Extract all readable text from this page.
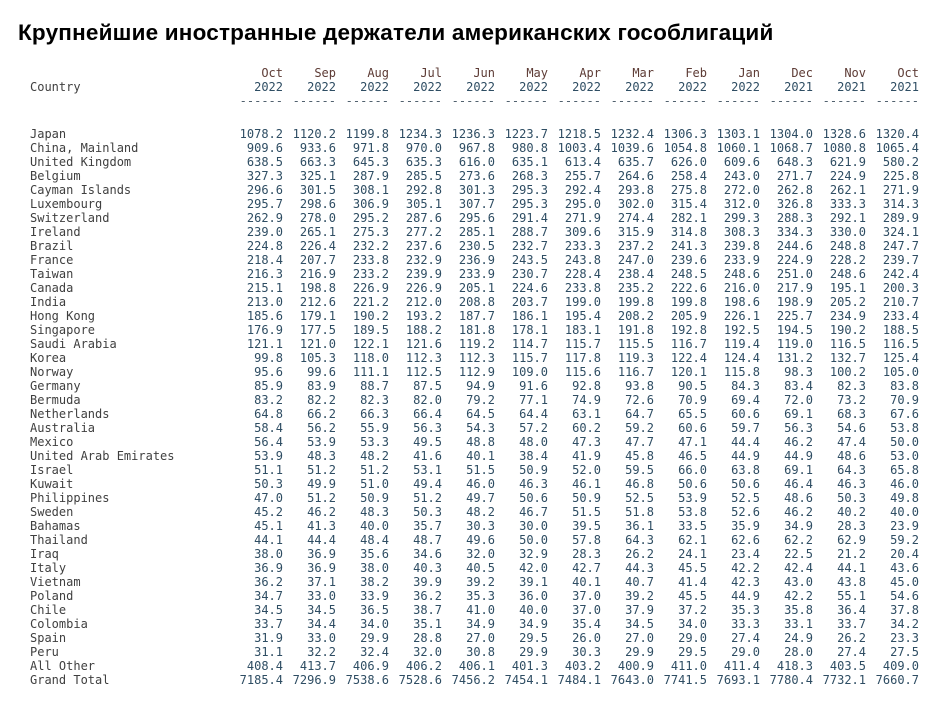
Крупнейшие иностранные держатели американских гособлигаций
	Oct	Sep	Aug	Jul	Jun	May	Apr	Mar	Feb	Jan	Dec	Nov	Oct
Country	2022	2022	2022	2022	2022	2022	2022	2022	2022	2022	2021	2021	2021
	------	------	------	------	------	------	------	------	------	------	------	------	------

Japan	1078.2	1120.2	1199.8	1234.3	1236.3	1223.7	1218.5	1232.4	1306.3	1303.1	1304.0	1328.6	1320.4
China, Mainland	909.6	933.6	971.8	970.0	967.8	980.8	1003.4	1039.6	1054.8	1060.1	1068.7	1080.8	1065.4
United Kingdom	638.5	663.3	645.3	635.3	616.0	635.1	613.4	635.7	626.0	609.6	648.3	621.9	580.2
Belgium	327.3	325.1	287.9	285.5	273.6	268.3	255.7	264.6	258.4	243.0	271.7	224.9	225.8
Cayman Islands	296.6	301.5	308.1	292.8	301.3	295.3	292.4	293.8	275.8	272.0	262.8	262.1	271.9
Luxembourg	295.7	298.6	306.9	305.1	307.7	295.3	295.0	302.0	315.4	312.0	326.8	333.3	314.3
Switzerland	262.9	278.0	295.2	287.6	295.6	291.4	271.9	274.4	282.1	299.3	288.3	292.1	289.9
Ireland	239.0	265.1	275.3	277.2	285.1	288.7	309.6	315.9	314.8	308.3	334.3	330.0	324.1
Brazil	224.8	226.4	232.2	237.6	230.5	232.7	233.3	237.2	241.3	239.8	244.6	248.8	247.7
France	218.4	207.7	233.8	232.9	236.9	243.5	243.8	247.0	239.6	233.9	224.9	228.2	239.7
Taiwan	216.3	216.9	233.2	239.9	233.9	230.7	228.4	238.4	248.5	248.6	251.0	248.6	242.4
Canada	215.1	198.8	226.9	226.9	205.1	224.6	233.8	235.2	222.6	216.0	217.9	195.1	200.3
India	213.0	212.6	221.2	212.0	208.8	203.7	199.0	199.8	199.8	198.6	198.9	205.2	210.7
Hong Kong	185.6	179.1	190.2	193.2	187.7	186.1	195.4	208.2	205.9	226.1	225.7	234.9	233.4
Singapore	176.9	177.5	189.5	188.2	181.8	178.1	183.1	191.8	192.8	192.5	194.5	190.2	188.5
Saudi Arabia	121.1	121.0	122.1	121.6	119.2	114.7	115.7	115.5	116.7	119.4	119.0	116.5	116.5
Korea	99.8	105.3	118.0	112.3	112.3	115.7	117.8	119.3	122.4	124.4	131.2	132.7	125.4
Norway	95.6	99.6	111.1	112.5	112.9	109.0	115.6	116.7	120.1	115.8	98.3	100.2	105.0
Germany	85.9	83.9	88.7	87.5	94.9	91.6	92.8	93.8	90.5	84.3	83.4	82.3	83.8
Bermuda	83.2	82.2	82.3	82.0	79.2	77.1	74.9	72.6	70.9	69.4	72.0	73.2	70.9
Netherlands	64.8	66.2	66.3	66.4	64.5	64.4	63.1	64.7	65.5	60.6	69.1	68.3	67.6
Australia	58.4	56.2	55.9	56.3	54.3	57.2	60.2	59.2	60.6	59.7	56.3	54.6	53.8
Mexico	56.4	53.9	53.3	49.5	48.8	48.0	47.3	47.7	47.1	44.4	46.2	47.4	50.0
United Arab Emirates	53.9	48.3	48.2	41.6	40.1	38.4	41.9	45.8	46.5	44.9	44.9	48.6	53.0
Israel	51.1	51.2	51.2	53.1	51.5	50.9	52.0	59.5	66.0	63.8	69.1	64.3	65.8
Kuwait	50.3	49.9	51.0	49.4	46.0	46.3	46.1	46.8	50.6	50.6	46.4	46.3	46.0
Philippines	47.0	51.2	50.9	51.2	49.7	50.6	50.9	52.5	53.9	52.5	48.6	50.3	49.8
Sweden	45.2	46.2	48.3	50.3	48.2	46.7	51.5	51.8	53.8	52.6	46.2	40.2	40.0
Bahamas	45.1	41.3	40.0	35.7	30.3	30.0	39.5	36.1	33.5	35.9	34.9	28.3	23.9
Thailand	44.1	44.4	48.4	48.7	49.6	50.0	57.8	64.3	62.1	62.6	62.2	62.9	59.2
Iraq	38.0	36.9	35.6	34.6	32.0	32.9	28.3	26.2	24.1	23.4	22.5	21.2	20.4
Italy	36.9	36.9	38.0	40.3	40.5	42.0	42.7	44.3	45.5	42.2	42.4	44.1	43.6
Vietnam	36.2	37.1	38.2	39.9	39.2	39.1	40.1	40.7	41.4	42.3	43.0	43.8	45.0
Poland	34.7	33.0	33.9	36.2	35.3	36.0	37.0	39.2	45.5	44.9	42.2	55.1	54.6
Chile	34.5	34.5	36.5	38.7	41.0	40.0	37.0	37.9	37.2	35.3	35.8	36.4	37.8
Colombia	33.7	34.4	34.0	35.1	34.9	34.9	35.4	34.5	34.0	33.3	33.1	33.7	34.2
Spain	31.9	33.0	29.9	28.8	27.0	29.5	26.0	27.0	29.0	27.4	24.9	26.2	23.3
Peru	31.1	32.2	32.4	32.0	30.8	29.9	30.3	29.9	29.5	29.0	28.0	27.4	27.5
All Other	408.4	413.7	406.9	406.2	406.1	401.3	403.2	400.9	411.0	411.4	418.3	403.5	409.0
Grand Total	7185.4	7296.9	7538.6	7528.6	7456.2	7454.1	7484.1	7643.0	7741.5	7693.1	7780.4	7732.1	7660.7
